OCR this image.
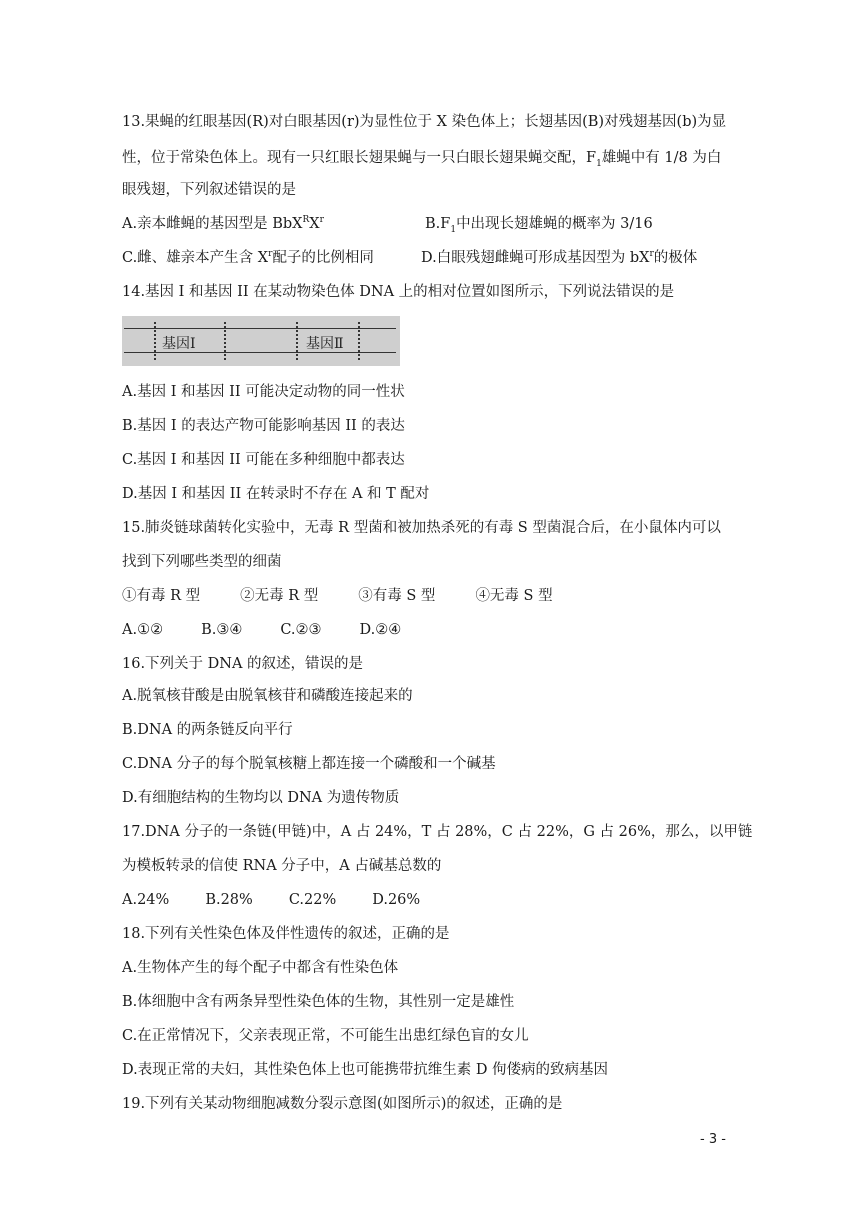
13.果蝇的红眼基因(R)对白眼基因(r)为显性位于 X 染色体上；长翅基因(B)对残翅基因(b)为显
性，位于常染色体上。现有一只红眼长翅果蝇与一只白眼长翅果蝇交配，$F_1$雄蝇中有 1/8 为白
眼残翅，下列叙述错误的是
A.亲本雌蝇的基因型是 $BbX^RX^r$	$B.F_1$中出现长翅雄蝇的概率为 3/16
C.雌、雄亲本产生含 $X^r$配子的比例相同	D.白眼残翅雌蝇可形成基因型为 $bX^r$的极体
14.基因 I 和基因 II 在某动物染色体 DNA 上的相对位置如图所示，下列说法错误的是
基因Ⅰ	基因Ⅱ
A.基因 I 和基因 II 可能决定动物的同一性状
B.基因 I 的表达产物可能影响基因 II 的表达
C.基因 I 和基因 II 可能在多种细胞中都表达
D.基因 I 和基因 II 在转录时不存在 A 和 T 配对
15.肺炎链球菌转化实验中，无毒 R 型菌和被加热杀死的有毒 S 型菌混合后，在小鼠体内可以
找到下列哪些类型的细菌
①有毒 R 型	②无毒 R 型	③有毒 S 型	④无毒 S 型
A.①②	B.③④	C.②③	D.②④
16.下列关于 DNA 的叙述，错误的是
A.脱氧核苷酸是由脱氧核苷和磷酸连接起来的
B.DNA 的两条链反向平行
C.DNA 分子的每个脱氧核糖上都连接一个磷酸和一个碱基
D.有细胞结构的生物均以 DNA 为遗传物质
17.DNA 分子的一条链(甲链)中，A 占 24%，T 占 28%，C 占 22%，G 占 26%，那么，以甲链
为模板转录的信使 RNA 分子中，A 占碱基总数的
A.24% B.28% C.22% D.26%
18.下列有关性染色体及伴性遗传的叙述，正确的是
A.生物体产生的每个配子中都含有性染色体
B.体细胞中含有两条异型性染色体的生物，其性别一定是雄性
C.在正常情况下，父亲表现正常，不可能生出患红绿色盲的女儿
D.表现正常的夫妇，其性染色体上也可能携带抗维生素 D 佝偻病的致病基因
19.下列有关某动物细胞减数分裂示意图(如图所示)的叙述，正确的是
- 3 -
